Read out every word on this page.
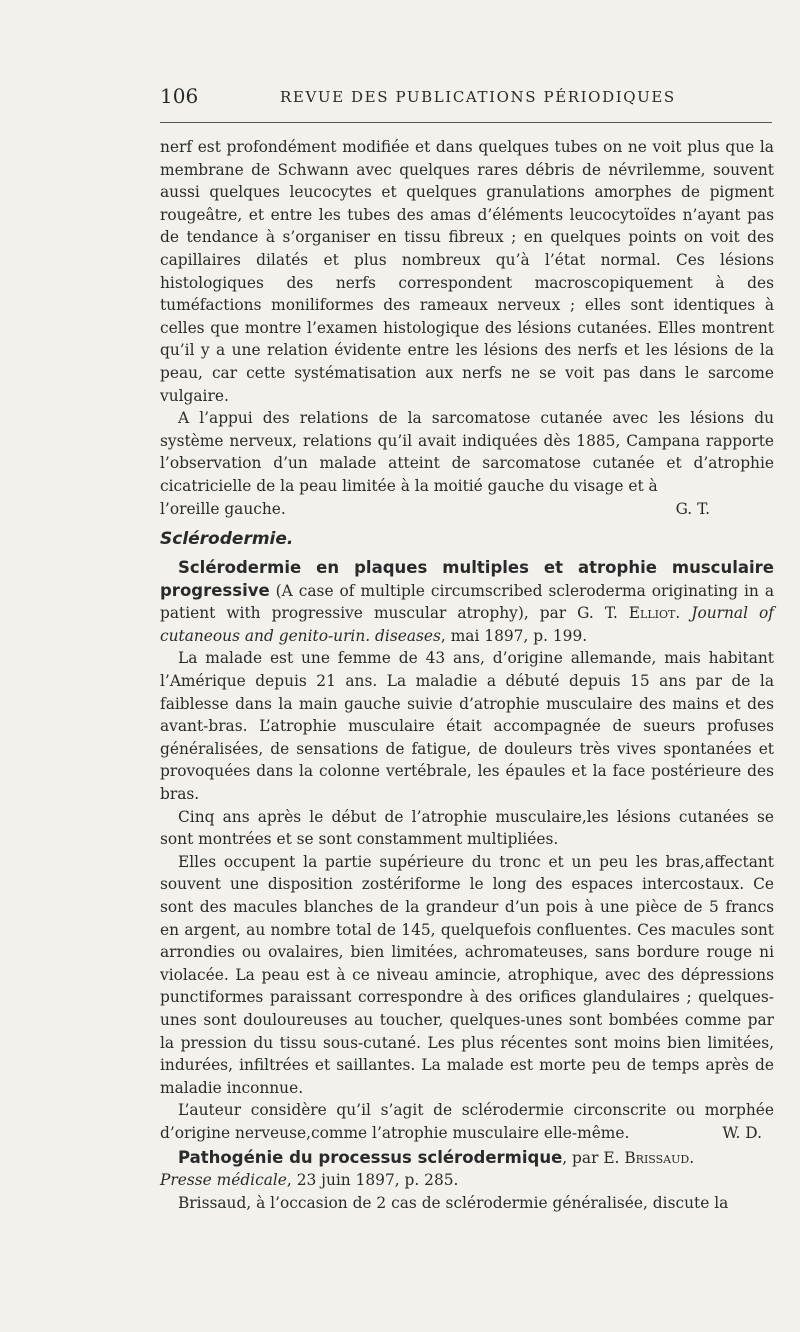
106	REVUE DES PUBLICATIONS PÉRIODIQUES

nerf est profondément modifiée et dans quelques tubes on ne voit plus que la membrane de Schwann avec quelques rares débris de névrilemme, souvent aussi quelques leucocytes et quelques granulations amorphes de pigment rougeâtre, et entre les tubes des amas d’éléments leucocytoïdes n’ayant pas de tendance à s’organiser en tissu fibreux ; en quelques points on voit des capillaires dilatés et plus nombreux qu’à l’état normal. Ces lésions histologiques des nerfs correspondent macroscopiquement à des tuméfactions moniliformes des rameaux nerveux ; elles sont identiques à celles que montre l’examen histologique des lésions cutanées. Elles montrent qu’il y a une relation évidente entre les lésions des nerfs et les lésions de la peau, car cette systématisation aux nerfs ne se voit pas dans le sarcome vulgaire.

A l’appui des relations de la sarcomatose cutanée avec les lésions du système nerveux, relations qu’il avait indiquées dès 1885, Campana rapporte l’observation d’un malade atteint de sarcomatose cutanée et d’atrophie cicatricielle de la peau limitée à la moitié gauche du visage et à

l’oreille gauche.	G. T.
Sclérodermie.

Sclérodermie en plaques multiples et atrophie musculaire progressive (A case of multiple circumscribed scleroderma originating in a patient with progressive muscular atrophy), par G. T. Elliot. Journal of cutaneous and genito-urin. diseases, mai 1897, p. 199.

La malade est une femme de 43 ans, d’origine allemande, mais habitant l’Amérique depuis 21 ans. La maladie a débuté depuis 15 ans par de la faiblesse dans la main gauche suivie d’atrophie musculaire des mains et des avant-bras. L’atrophie musculaire était accompagnée de sueurs profuses généralisées, de sensations de fatigue, de douleurs très vives spontanées et provoquées dans la colonne vertébrale, les épaules et la face postérieure des bras.

Cinq ans après le début de l’atrophie musculaire,les lésions cutanées se sont montrées et se sont constamment multipliées.

Elles occupent la partie supérieure du tronc et un peu les bras,affectant souvent une disposition zostériforme le long des espaces intercostaux. Ce sont des macules blanches de la grandeur d’un pois à une pièce de 5 francs en argent, au nombre total de 145, quelquefois confluentes. Ces macules sont arrondies ou ovalaires, bien limitées, achromateuses, sans bordure rouge ni violacée. La peau est à ce niveau amincie, atrophique, avec des dépressions punctiformes paraissant correspondre à des orifices glandulaires ; quelques-unes sont douloureuses au toucher, quelques-unes sont bombées comme par la pression du tissu sous-cutané. Les plus récentes sont moins bien limitées, indurées, infiltrées et saillantes. La malade est morte peu de temps après de maladie inconnue.

L’auteur considère qu’il s’agit de sclérodermie circonscrite ou morphée d’origine nerveuse,comme l’atrophie musculaire elle-même.	W. D.

Pathogénie du processus sclérodermique, par E. Brissaud.
Presse médicale, 23 juin 1897, p. 285.

Brissaud, à l’occasion de 2 cas de sclérodermie généralisée, discute la
